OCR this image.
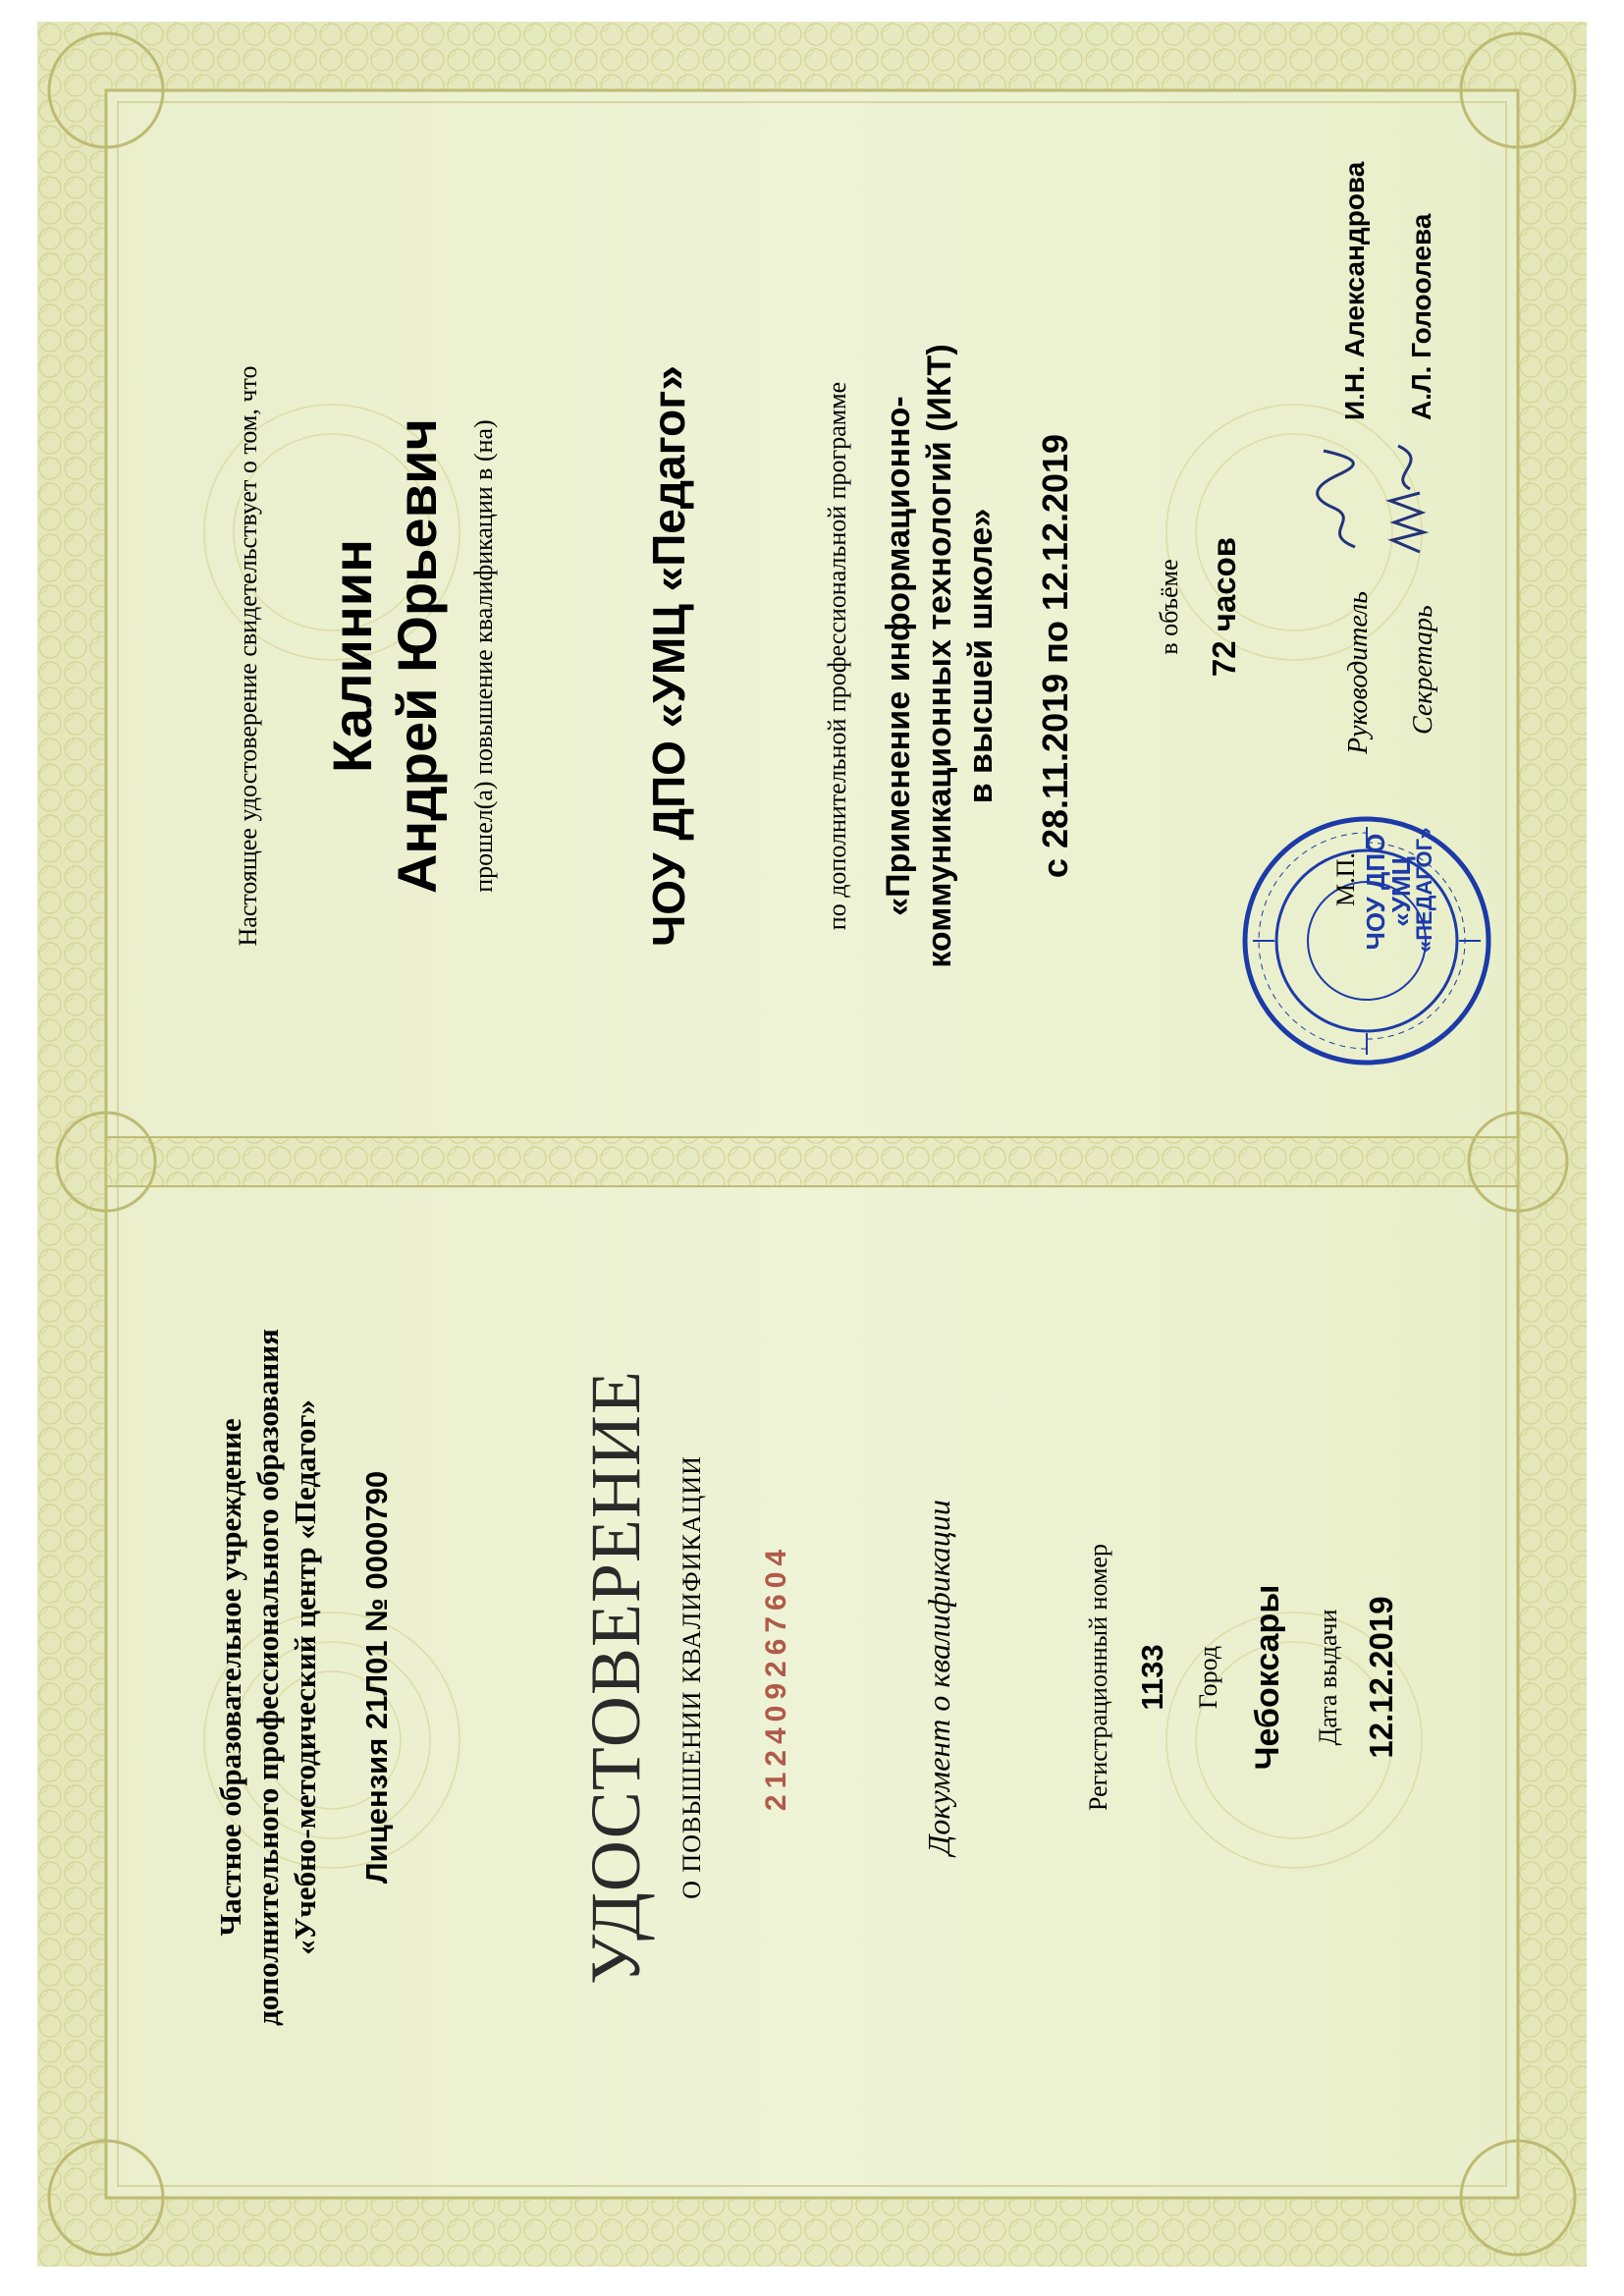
Частное образовательное учреждение дополнительного профессионального образования «Учебно-методический центр «Педагог» Лицензия 21Л01 № 0000790	УДОСТОВЕРЕНИЕ О ПОВЫШЕНИИ КВАЛИФИКАЦИИ 212409267604	Документ о квалификации	Регистрационный номер 1133 Город Чебоксары Дата выдачи 12.12.2019
Настоящее удостоверение свидетельствует о том, что Калинин Андрей Юрьевич прошел(а) повышение квалификации в (на)	ЧОУ ДПО «УМЦ «Педагог»	по дополнительной профессиональной программе «Применение информационно- коммуникационных технологий (ИКТ) в высшей школе» с 28.11.2019 по 12.12.2019	в объёме 72 часов
ЧОУ ДПО
«УМЦ
«ПЕДАГОГ»
Руководитель Секретарь
М.П.
И.Н. Александрова А.Л. Голоолева
